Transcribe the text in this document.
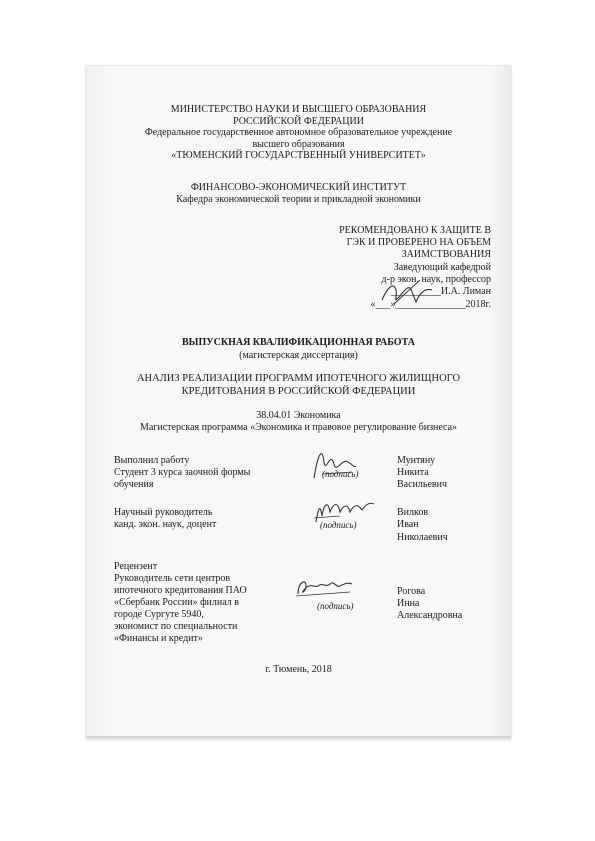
МИНИСТЕРСТВО НАУКИ И ВЫСШЕГО ОБРАЗОВАНИЯ
РОССИЙСКОЙ ФЕДЕРАЦИИ
Федеральное государственное автономное образовательное учреждение
высшего образования
«ТЮМЕНСКИЙ ГОСУДАРСТВЕННЫЙ УНИВЕРСИТЕТ»
ФИНАНСОВО-ЭКОНОМИЧЕСКИЙ ИНСТИТУТ
Кафедра экономической теории и прикладной экономики
РЕКОМЕНДОВАНО К ЗАЩИТЕ В
ГЭК И ПРОВЕРЕНО НА ОБЪЕМ
ЗАИМСТВОВАНИЯ
Заведующий кафедрой
д-р экон. наук, профессор
__________И.А. Лиман
«___»______________2018г.
ВЫПУСКНАЯ КВАЛИФИКАЦИОННАЯ РАБОТА
(магистерская диссертация)
АНАЛИЗ РЕАЛИЗАЦИИ ПРОГРАММ ИПОТЕЧНОГО ЖИЛИЩНОГО
КРЕДИТОВАНИЯ В РОССИЙСКОЙ ФЕДЕРАЦИИ
38.04.01 Экономика
Магистерская программа «Экономика и правовое регулирование бизнеса»
Выполнил работу
Студент 3 курса заочной формы
обучения
(подпись)
Мунтяну
Никита
Васильевич
Научный руководитель
канд. экон. наук, доцент	(подпись)
Вилков
Иван
Николаевич
Рецензент
Руководитель сети центров
ипотечного кредитования ПАО
«Сбербанк России» филиал в
городе Сургуте 5940,
экономист по специальности
«Финансы и кредит»
(подпись)
Рогова
Инна
Александровна
г. Тюмень, 2018
